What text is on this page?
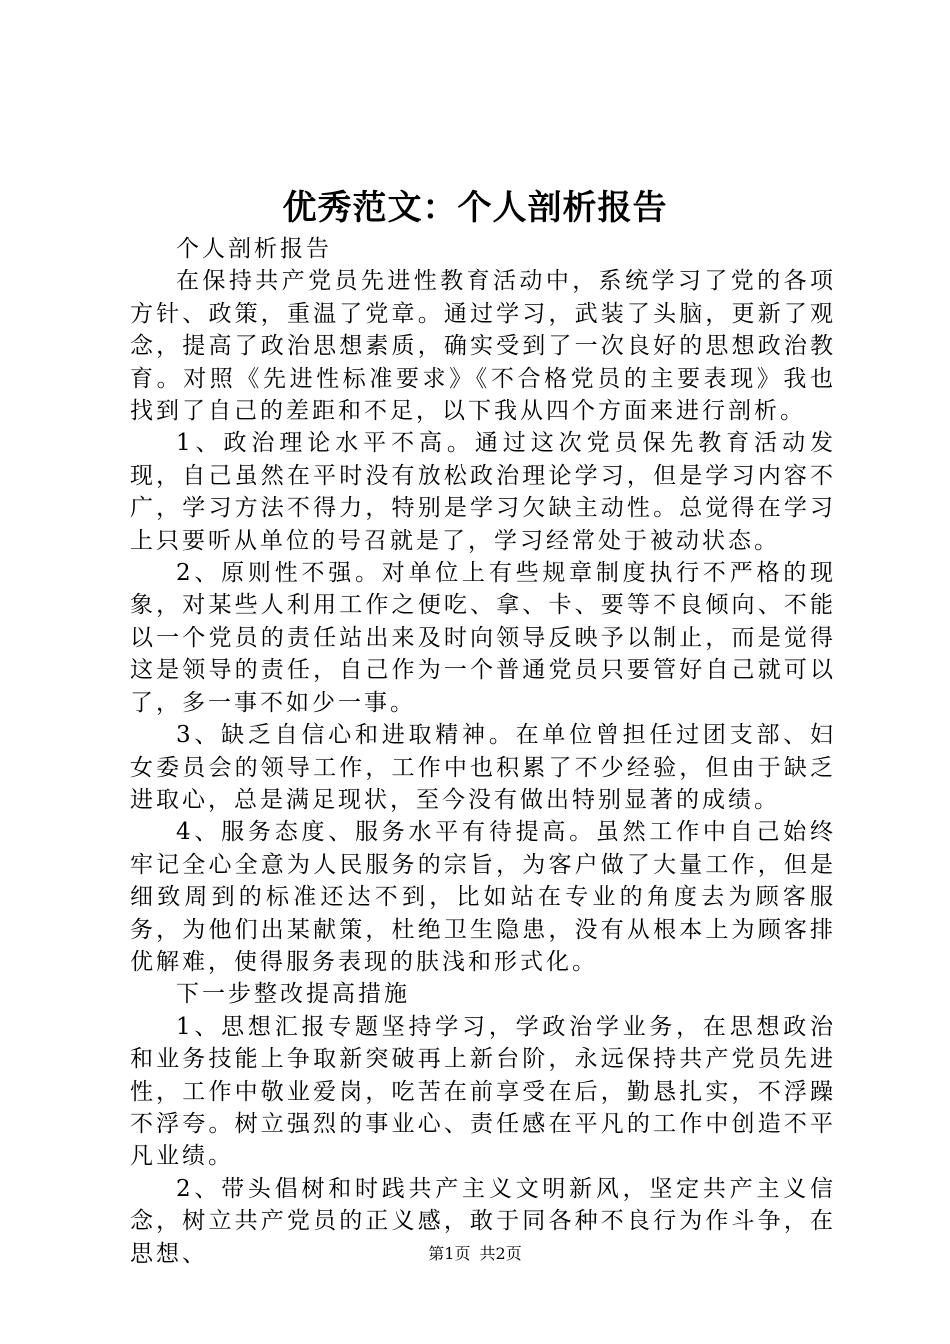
优秀范文：个人剖析报告

个人剖析报告

在保持共产党员先进性教育活动中，系统学习了党的各项方针、政策，重温了党章。通过学习，武装了头脑，更新了观念，提高了政治思想素质，确实受到了一次良好的思想政治教育。对照《先进性标准要求》《不合格党员的主要表现》我也找到了自己的差距和不足，以下我从四个方面来进行剖析。

1、政治理论水平不高。通过这次党员保先教育活动发现，自己虽然在平时没有放松政治理论学习，但是学习内容不广，学习方法不得力，特别是学习欠缺主动性。总觉得在学习上只要听从单位的号召就是了，学习经常处于被动状态。

2、原则性不强。对单位上有些规章制度执行不严格的现象，对某些人利用工作之便吃、拿、卡、要等不良倾向、不能以一个党员的责任站出来及时向领导反映予以制止，而是觉得这是领导的责任，自己作为一个普通党员只要管好自己就可以了，多一事不如少一事。

3、缺乏自信心和进取精神。在单位曾担任过团支部、妇女委员会的领导工作，工作中也积累了不少经验，但由于缺乏进取心，总是满足现状，至今没有做出特别显著的成绩。

4、服务态度、服务水平有待提高。虽然工作中自己始终牢记全心全意为人民服务的宗旨，为客户做了大量工作，但是细致周到的标准还达不到，比如站在专业的角度去为顾客服务，为他们出某献策，杜绝卫生隐患，没有从根本上为顾客排优解难，使得服务表现的肤浅和形式化。

下一步整改提高措施

1、思想汇报专题坚持学习，学政治学业务，在思想政治和业务技能上争取新突破再上新台阶，永远保持共产党员先进性，工作中敬业爱岗，吃苦在前享受在后，勤恳扎实，不浮躁不浮夸。树立强烈的事业心、责任感在平凡的工作中创造不平凡业绩。

2、带头倡树和时践共产主义文明新风，坚定共产主义信念，树立共产党员的正义感，敢于同各种不良行为作斗争，在思想、	第1页 共2页
